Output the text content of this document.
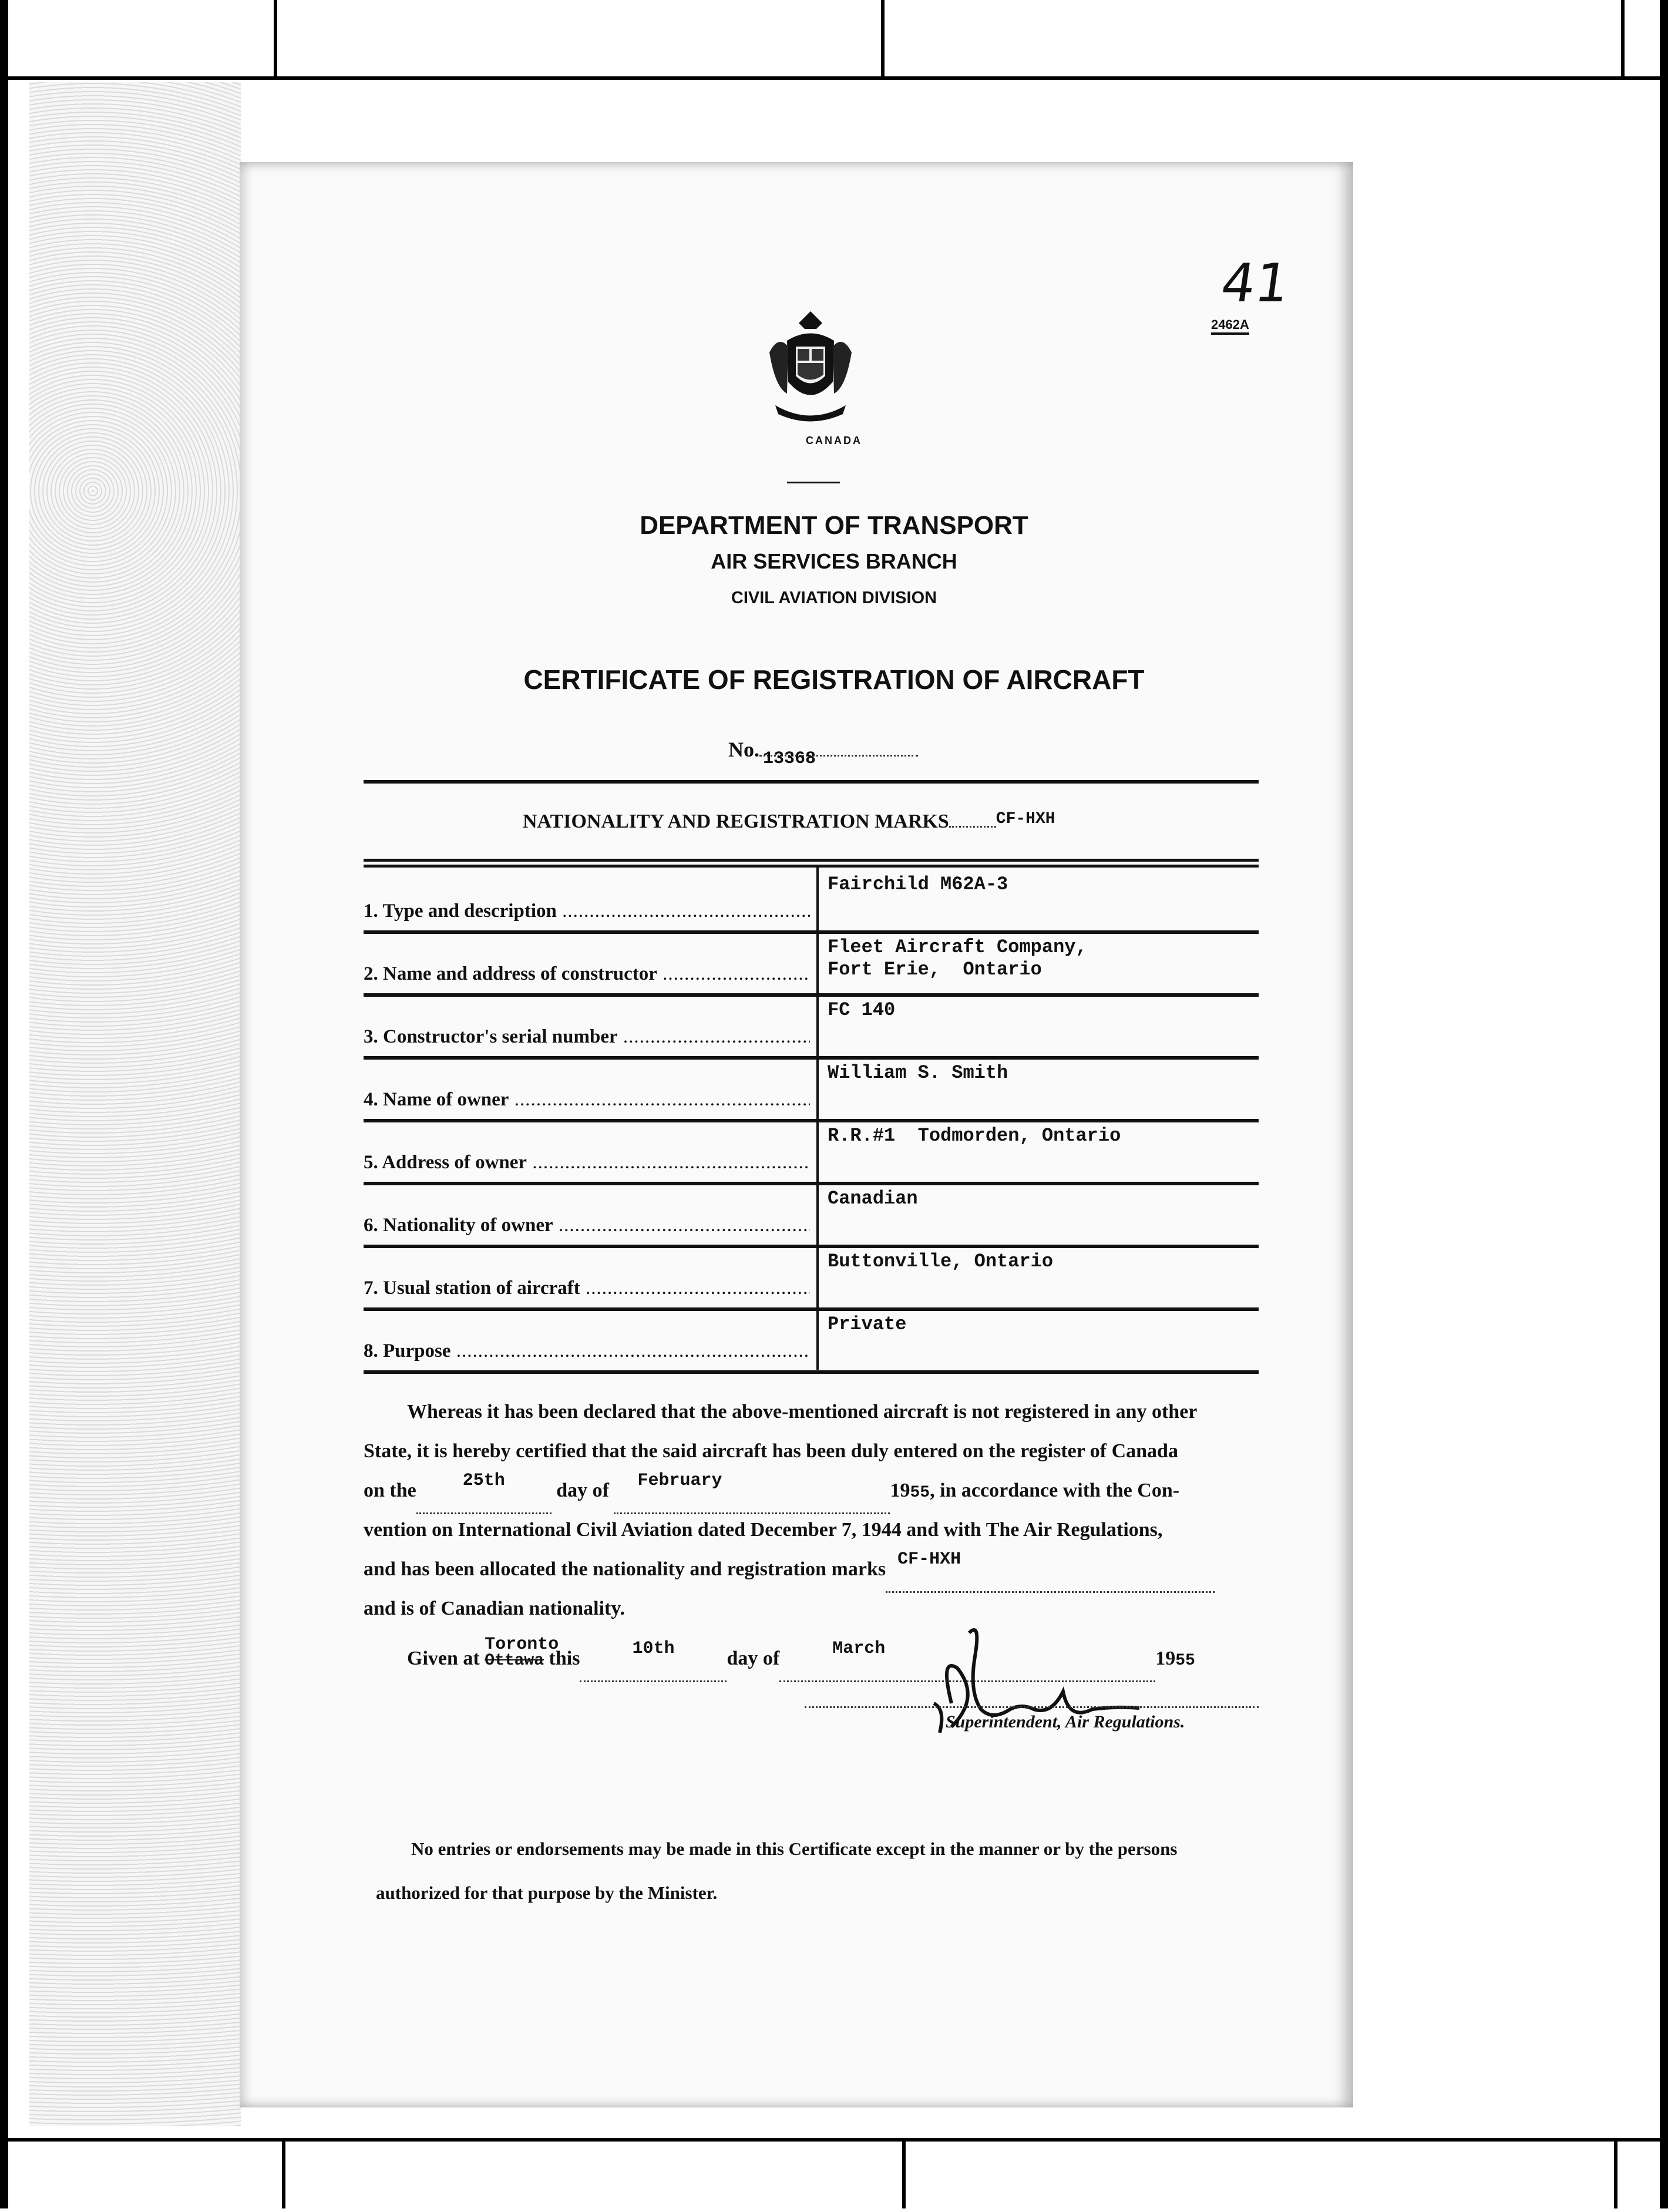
41
2462A
CANADA
DEPARTMENT OF TRANSPORT
AIR SERVICES BRANCH
CIVIL AVIATION DIVISION
CERTIFICATE OF REGISTRATION OF AIRCRAFT
No. 13368
NATIONALITY AND REGISTRATION MARKS	$^{CF-HXH}$
1. Type and description .....
Fairchild M62A-3
2. Name and address of constructor .....
Fleet Aircraft Company,
Fort Erie,  Ontario
3. Constructor's serial number .....
FC 140
4. Name of owner .....
William S. Smith
5. Address of owner .....
R.R.#1  Todmorden, Ontario
6. Nationality of owner .....
Canadian
7. Usual station of aircraft .....
Buttonville, Ontario
8. Purpose .....
Private
Whereas it has been declared that the above-mentioned aircraft is not registered in any other
State, it is hereby certified that the said aircraft has been duly entered on the register of Canada
on the	25th	day of February	1955, in accordance with the Con-
vention on International Civil Aviation dated December 7, 1944 and with The Air Regulations,
and has been allocated the nationality and registration marks CF-HXH
and is of Canadian nationality.
Given at Ottawa
Toronto
this	10th	day of	March	1955
Superintendent, Air Regulations.
No entries or endorsements may be made in this Certificate except in the manner or by the persons
authorized for that purpose by the Minister.
